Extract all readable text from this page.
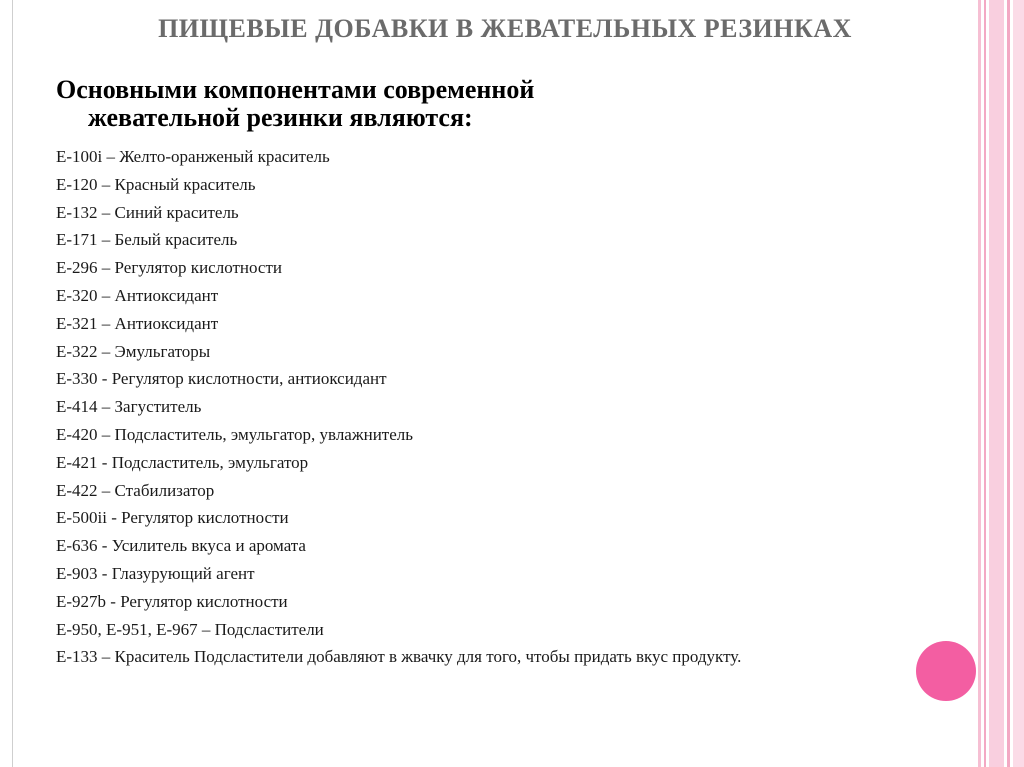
ПИЩЕВЫЕ ДОБАВКИ В ЖЕВАТЕЛЬНЫХ РЕЗИНКАХ
Основными компонентами современной
жевательной резинки являются:
Е-100i – Желто-оранженый краситель
Е-120 – Красный краситель
Е-132 – Синий краситель
Е-171 – Белый краситель
Е-296 – Регулятор кислотности
Е-320 – Антиоксидант
Е-321 – Антиоксидант
Е-322 – Эмульгаторы
Е-330 - Регулятор кислотности, антиоксидант
Е-414 – Загуститель
Е-420 – Подсластитель, эмульгатор, увлажнитель
Е-421 - Подсластитель, эмульгатор
Е-422 – Стабилизатор
Е-500ii - Регулятор кислотности
Е-636 - Усилитель вкуса и аромата
Е-903 - Глазурующий агент
Е-927b - Регулятор кислотности
Е-950, Е-951, Е-967 – Подсластители
Е-133 – Краситель Подсластители добавляют в жвачку для того, чтобы придать вкус продукту.
